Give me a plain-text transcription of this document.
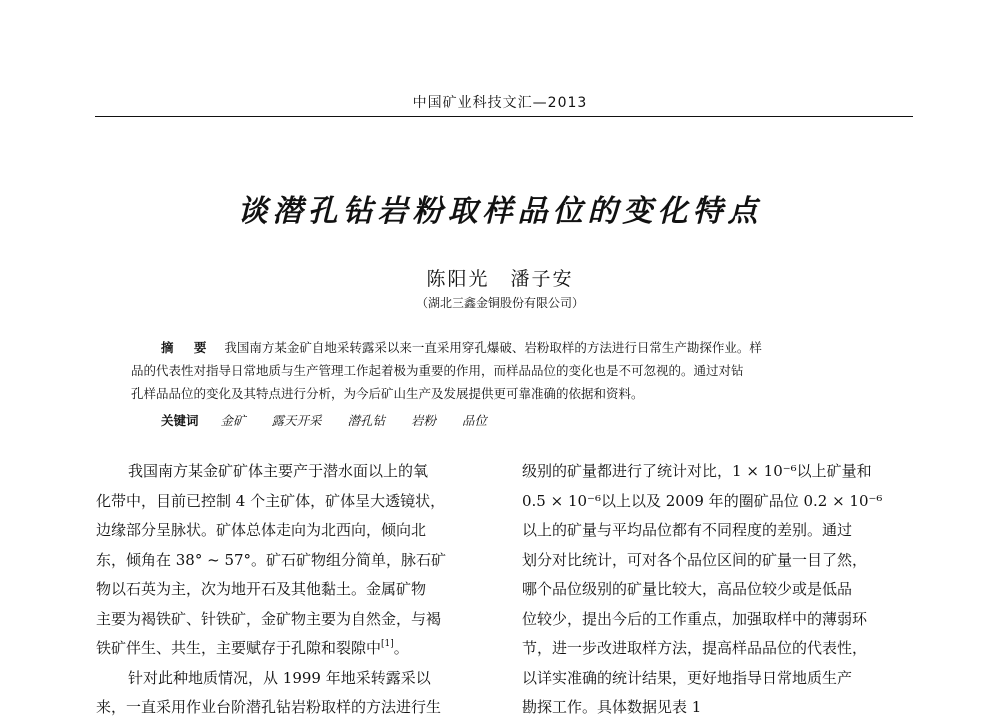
中国矿业科技文汇—2013
谈潜孔钻岩粉取样品位的变化特点
陈阳光　潘子安
（湖北三鑫金铜股份有限公司）
摘 要 我国南方某金矿自地采转露采以来一直采用穿孔爆破、岩粉取样的方法进行日常生产勘探作业。样
品的代表性对指导日常地质与生产管理工作起着极为重要的作用，而样品品位的变化也是不可忽视的。通过对钻
孔样品品位的变化及其特点进行分析，为今后矿山生产及发展提供更可靠准确的依据和资料。
关键词 金矿 露天开采 潜孔钻 岩粉 品位
我国南方某金矿矿体主要产于潜水面以上的氧
化带中，目前已控制 4 个主矿体，矿体呈大透镜状，
边缘部分呈脉状。矿体总体走向为北西向，倾向北
东，倾角在 38° ~ 57°。矿石矿物组分简单，脉石矿
物以石英为主，次为地开石及其他黏土。金属矿物
主要为褐铁矿、针铁矿，金矿物主要为自然金，与褐
铁矿伴生、共生，主要赋存于孔隙和裂隙中[1]。
针对此种地质情况，从 1999 年地采转露采以
来，一直采用作业台阶潜孔钻岩粉取样的方法进行生
级别的矿量都进行了统计对比，1 × 10⁻⁶以上矿量和
0.5 × 10⁻⁶以上以及 2009 年的圈矿品位 0.2 × 10⁻⁶
以上的矿量与平均品位都有不同程度的差别。通过
划分对比统计，可对各个品位区间的矿量一目了然，
哪个品位级别的矿量比较大，高品位较少或是低品
位较少，提出今后的工作重点，加强取样中的薄弱环
节，进一步改进取样方法，提高样品品位的代表性，
以详实准确的统计结果，更好地指导日常地质生产
勘探工作。具体数据见表 1
